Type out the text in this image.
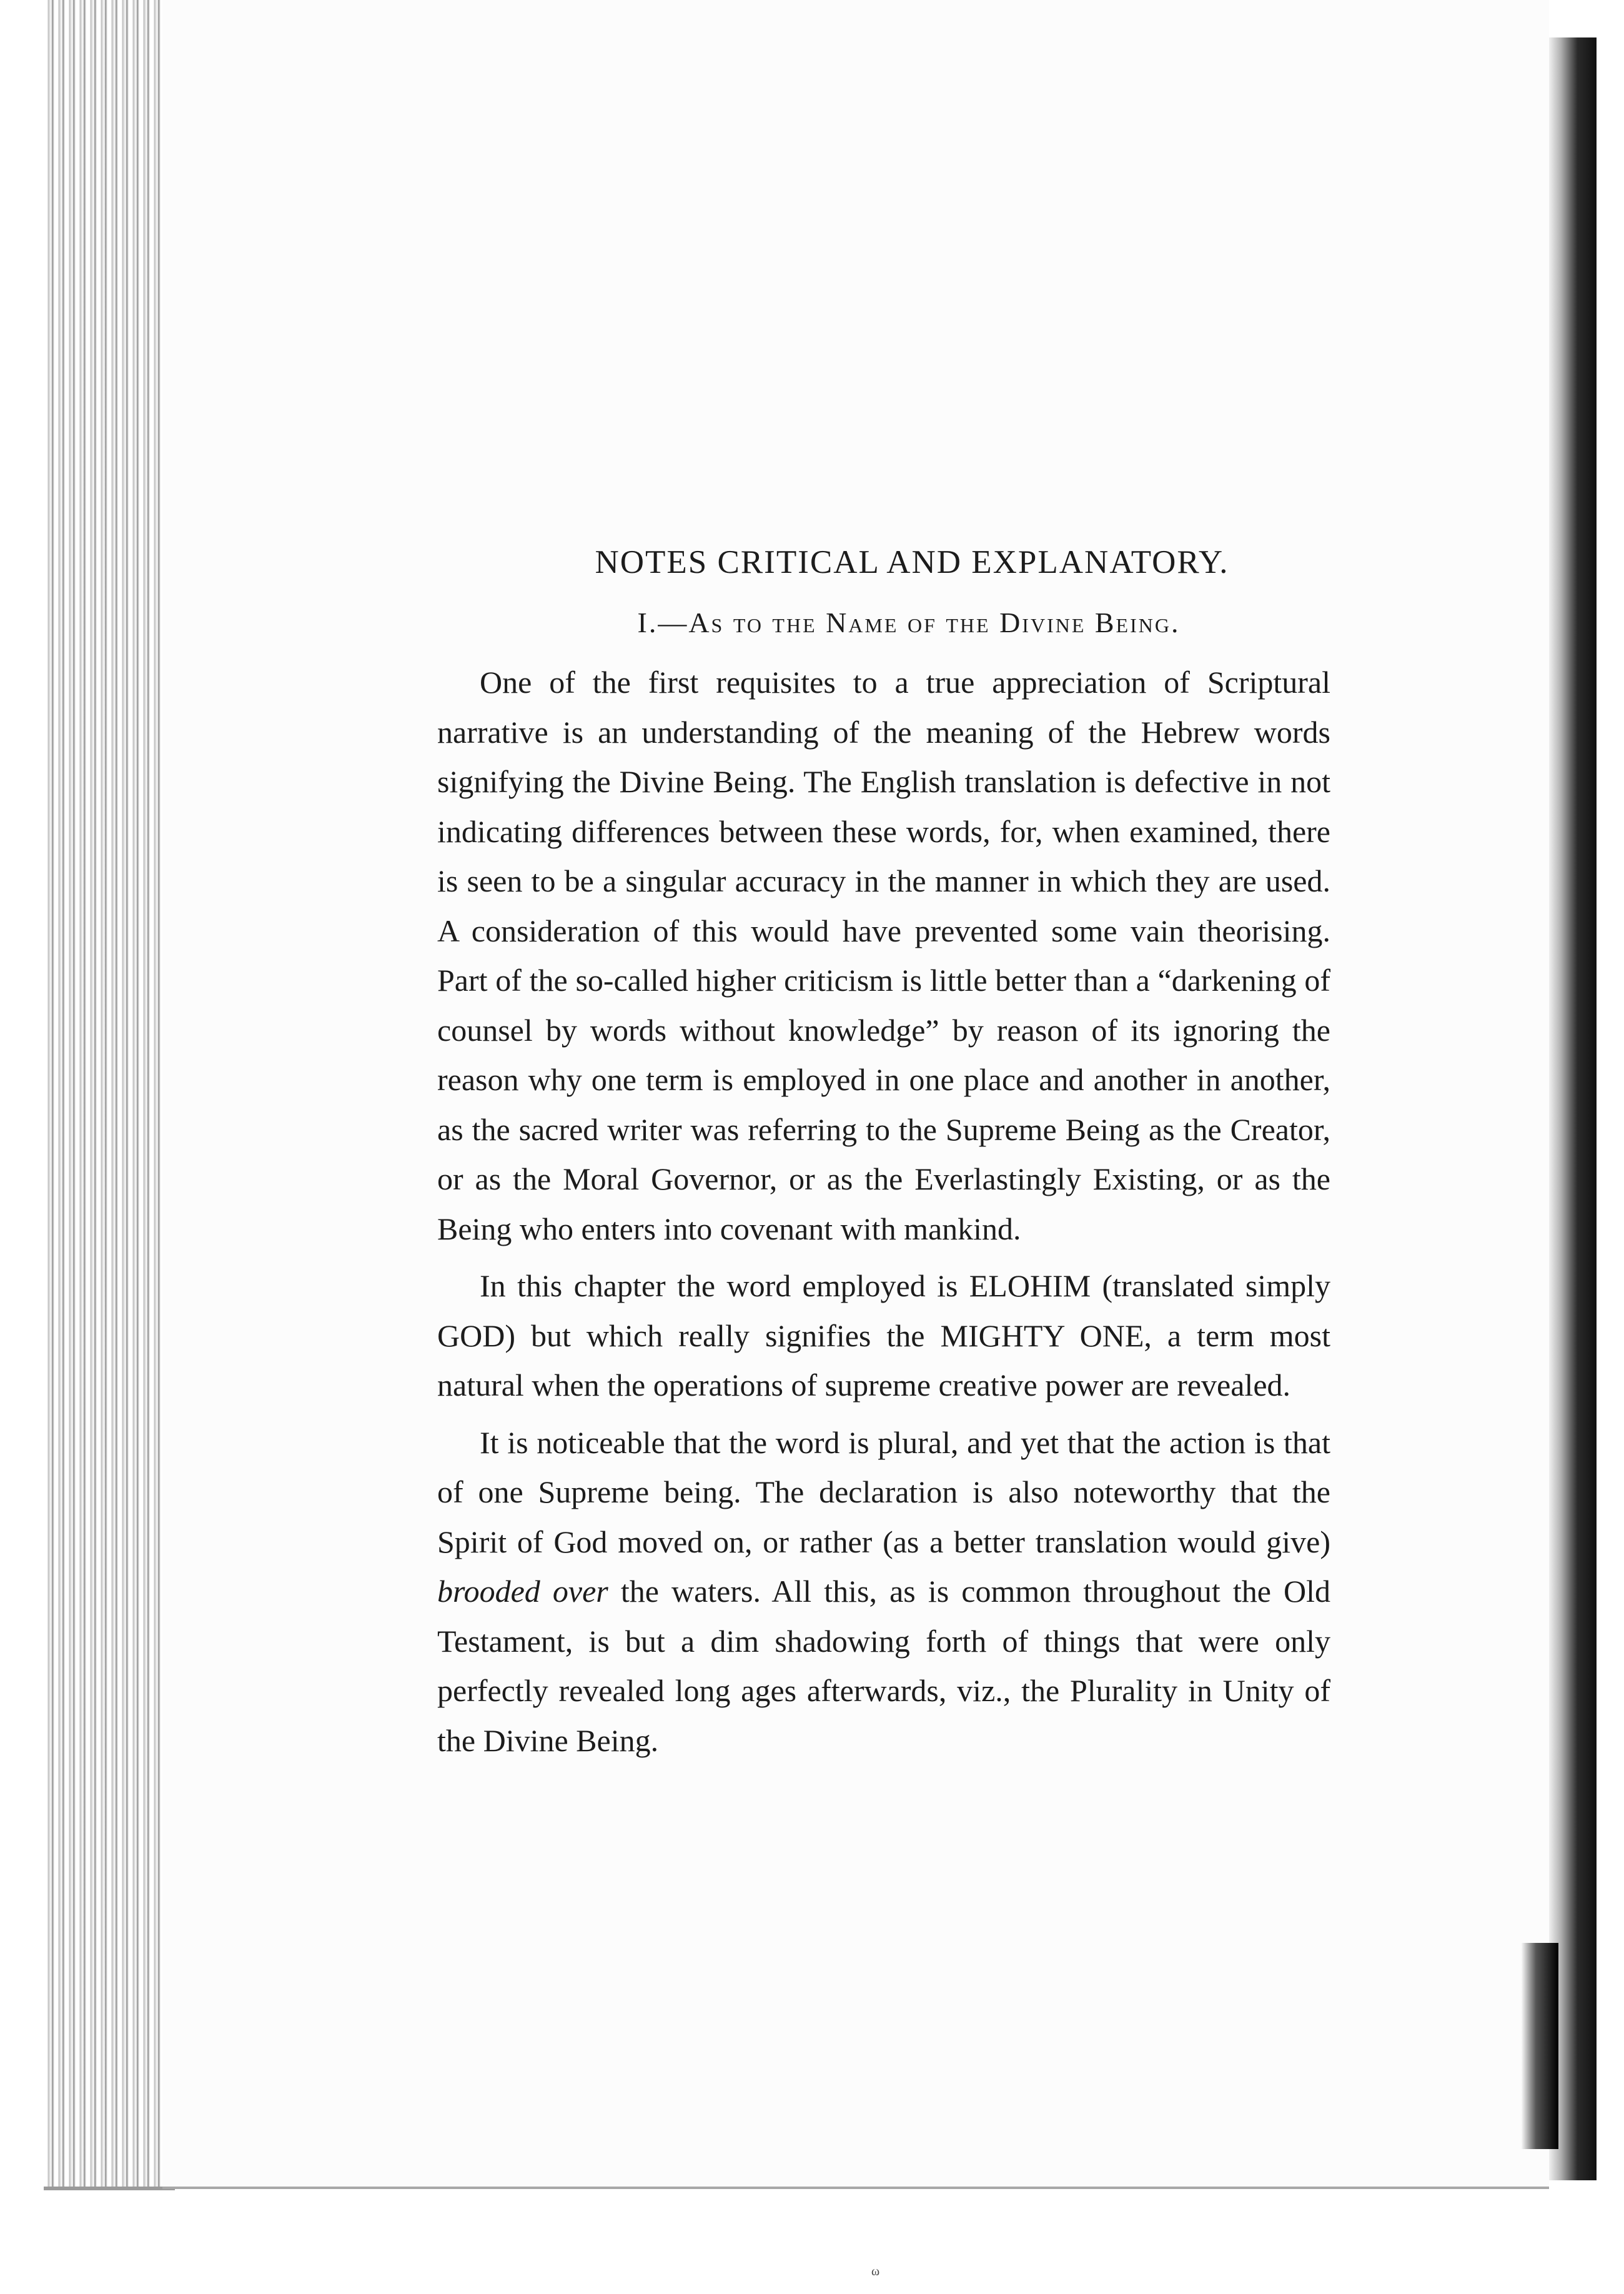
NOTES CRITICAL AND EXPLANATORY.
I.—As to the Name of the Divine Being.

One of the first requisites to a true appreciation of Scriptural narrative is an understanding of the meaning of the Hebrew words signifying the Divine Being. The English translation is defective in not indicating differences between these words, for, when examined, there is seen to be a singular accuracy in the manner in which they are used. A consideration of this would have prevented some vain theorising. Part of the so-called higher criticism is little better than a “darkening of counsel by words without knowledge” by reason of its ignoring the reason why one term is employed in one place and another in another, as the sacred writer was referring to the Supreme Being as the Creator, or as the Moral Governor, or as the Everlastingly Existing, or as the Being who enters into covenant with mankind.

In this chapter the word employed is ELOHIM (translated simply GOD) but which really signifies the MIGHTY ONE, a term most natural when the operations of supreme creative power are revealed.

It is noticeable that the word is plural, and yet that the action is that of one Supreme being. The declaration is also noteworthy that the Spirit of God moved on, or rather (as a better translation would give) brooded over the waters. All this, as is common throughout the Old Testament, is but a dim shadowing forth of things that were only perfectly revealed long ages afterwards, viz., the Plurality in Unity of the Divine Being.

ω
